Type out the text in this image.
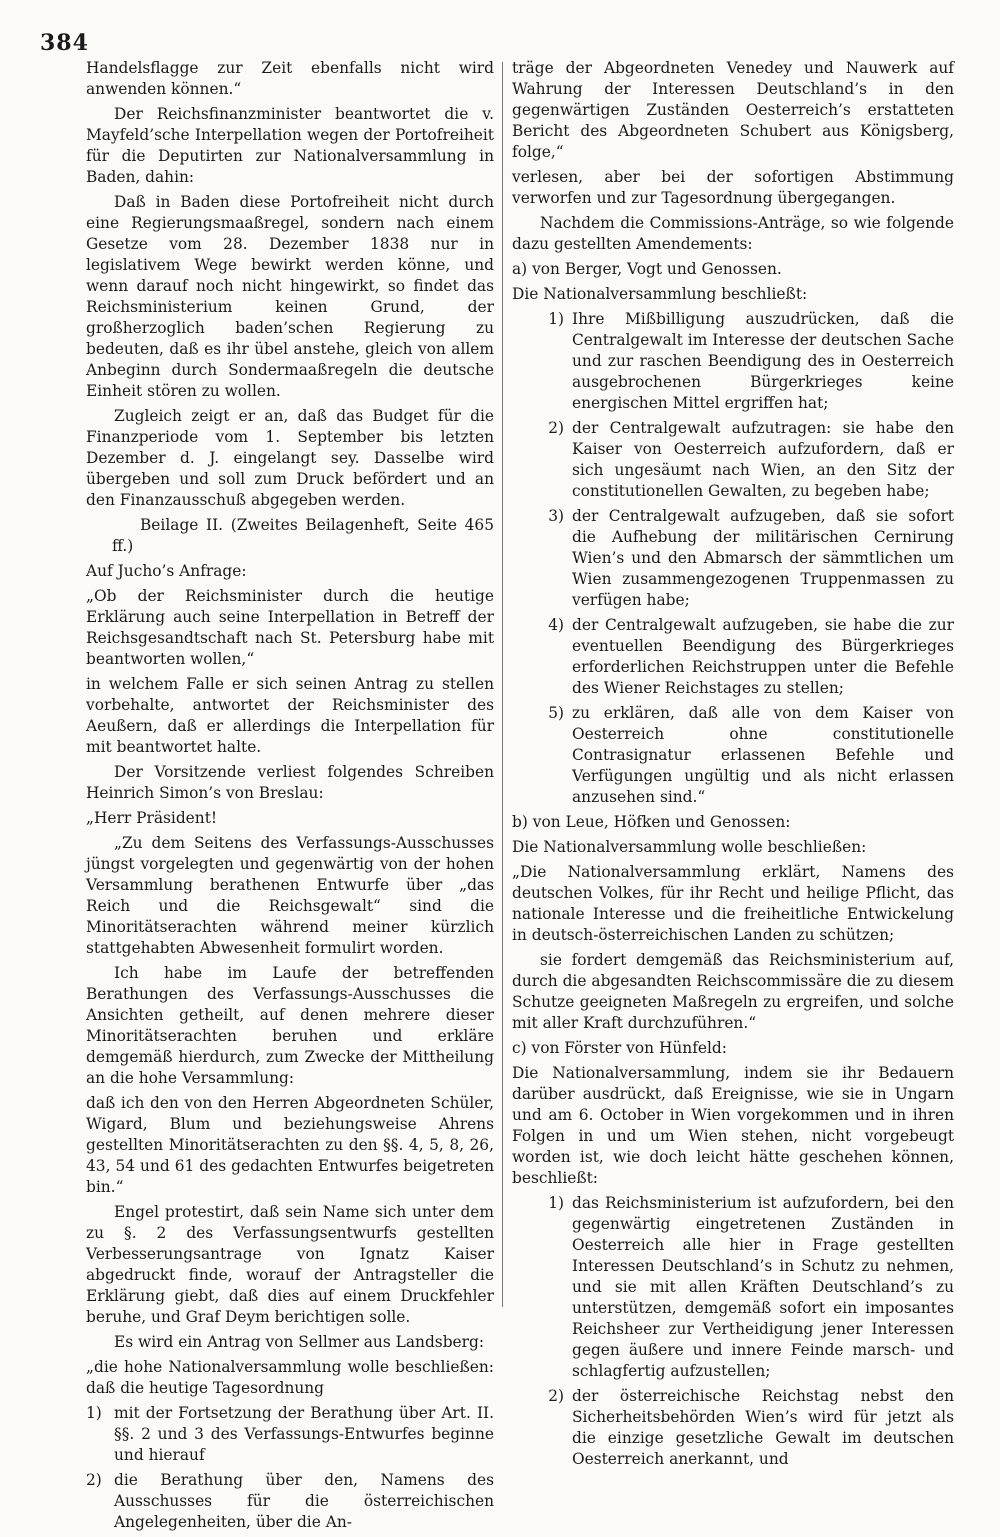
384

Handelsflagge zur Zeit ebenfalls nicht wird anwenden können.“

Der Reichsfinanzminister beantwortet die v. Mayfeld’sche Interpellation wegen der Portofreiheit für die Deputirten zur Nationalversammlung in Baden, dahin:

Daß in Baden diese Portofreiheit nicht durch eine Regierungsmaaßregel, sondern nach einem Gesetze vom 28. Dezember 1838 nur in legislativem Wege bewirkt werden könne, und wenn darauf noch nicht hingewirkt, so findet das Reichsministerium keinen Grund, der großherzoglich baden’schen Regierung zu bedeuten, daß es ihr übel anstehe, gleich von allem Anbeginn durch Sondermaaßregeln die deutsche Einheit stören zu wollen.

Zugleich zeigt er an, daß das Budget für die Finanzperiode vom 1. September bis letzten Dezember d. J. eingelangt sey. Dasselbe wird übergeben und soll zum Druck befördert und an den Finanzausschuß abgegeben werden.

Beilage II. (Zweites Beilagenheft, Seite 465 ff.)

Auf Jucho’s Anfrage:

„Ob der Reichsminister durch die heutige Erklärung auch seine Interpellation in Betreff der Reichsgesandtschaft nach St. Petersburg habe mit beantworten wollen,“

in welchem Falle er sich seinen Antrag zu stellen vorbehalte, antwortet der Reichsminister des Aeußern, daß er allerdings die Interpellation für mit beantwortet halte.

Der Vorsitzende verliest folgendes Schreiben Heinrich Simon’s von Breslau:

„Herr Präsident!

„Zu dem Seitens des Verfassungs-Ausschusses jüngst vorgelegten und gegenwärtig von der hohen Versammlung berathenen Entwurfe über „das Reich und die Reichsgewalt“ sind die Minoritätserachten während meiner kürzlich stattgehabten Abwesenheit formulirt worden.

Ich habe im Laufe der betreffenden Berathungen des Verfassungs-Ausschusses die Ansichten getheilt, auf denen mehrere dieser Minoritätserachten beruhen und erkläre demgemäß hierdurch, zum Zwecke der Mittheilung an die hohe Versammlung:

daß ich den von den Herren Abgeordneten Schüler, Wigard, Blum und beziehungsweise Ahrens gestellten Minoritätserachten zu den §§. 4, 5, 8, 26, 43, 54 und 61 des gedachten Entwurfes beigetreten bin.“

Engel protestirt, daß sein Name sich unter dem zu §. 2 des Verfassungsentwurfs gestellten Verbesserungsantrage von Ignatz Kaiser abgedruckt finde, worauf der Antragsteller die Erklärung giebt, daß dies auf einem Druckfehler beruhe, und Graf Deym berichtigen solle.

Es wird ein Antrag von Sellmer aus Landsberg:

„die hohe Nationalversammlung wolle beschließen: daß die heutige Tagesordnung

1) mit der Fortsetzung der Berathung über Art. II. §§. 2 und 3 des Verfassungs-Entwurfes beginne und hierauf
2) die Berathung über den, Namens des Ausschusses für die österreichischen Angelegenheiten, über die An-

träge der Abgeordneten Venedey und Nauwerk auf Wahrung der Interessen Deutschland’s in den gegenwärtigen Zuständen Oesterreich’s erstatteten Bericht des Abgeordneten Schubert aus Königsberg, folge,“

verlesen, aber bei der sofortigen Abstimmung verworfen und zur Tagesordnung übergegangen.

Nachdem die Commissions-Anträge, so wie folgende dazu gestellten Amendements:

a) von Berger, Vogt und Genossen.

Die Nationalversammlung beschließt:

1) Ihre Mißbilligung auszudrücken, daß die Centralgewalt im Interesse der deutschen Sache und zur raschen Beendigung des in Oesterreich ausgebrochenen Bürgerkrieges keine energischen Mittel ergriffen hat;
2) der Centralgewalt aufzutragen: sie habe den Kaiser von Oesterreich aufzufordern, daß er sich ungesäumt nach Wien, an den Sitz der constitutionellen Gewalten, zu begeben habe;
3) der Centralgewalt aufzugeben, daß sie sofort die Aufhebung der militärischen Cernirung Wien’s und den Abmarsch der sämmtlichen um Wien zusammengezogenen Truppenmassen zu verfügen habe;
4) der Centralgewalt aufzugeben, sie habe die zur eventuellen Beendigung des Bürgerkrieges erforderlichen Reichstruppen unter die Befehle des Wiener Reichstages zu stellen;
5) zu erklären, daß alle von dem Kaiser von Oesterreich ohne constitutionelle Contrasignatur erlassenen Befehle und Verfügungen ungültig und als nicht erlassen anzusehen sind.“

b) von Leue, Höfken und Genossen:

Die Nationalversammlung wolle beschließen:

„Die Nationalversammlung erklärt, Namens des deutschen Volkes, für ihr Recht und heilige Pflicht, das nationale Interesse und die freiheitliche Entwickelung in deutsch-österreichischen Landen zu schützen;

sie fordert demgemäß das Reichsministerium auf, durch die abgesandten Reichscommissäre die zu diesem Schutze geeigneten Maßregeln zu ergreifen, und solche mit aller Kraft durchzuführen.“

c) von Förster von Hünfeld:

Die Nationalversammlung, indem sie ihr Bedauern darüber ausdrückt, daß Ereignisse, wie sie in Ungarn und am 6. October in Wien vorgekommen und in ihren Folgen in und um Wien stehen, nicht vorgebeugt worden ist, wie doch leicht hätte geschehen können, beschließt:

1) das Reichsministerium ist aufzufordern, bei den gegenwärtig eingetretenen Zuständen in Oesterreich alle hier in Frage gestellten Interessen Deutschland’s in Schutz zu nehmen, und sie mit allen Kräften Deutschland’s zu unterstützen, demgemäß sofort ein imposantes Reichsheer zur Vertheidigung jener Interessen gegen äußere und innere Feinde marsch- und schlagfertig aufzustellen;
2) der österreichische Reichstag nebst den Sicherheitsbehörden Wien’s wird für jetzt als die einzige gesetzliche Gewalt im deutschen Oesterreich anerkannt, und
